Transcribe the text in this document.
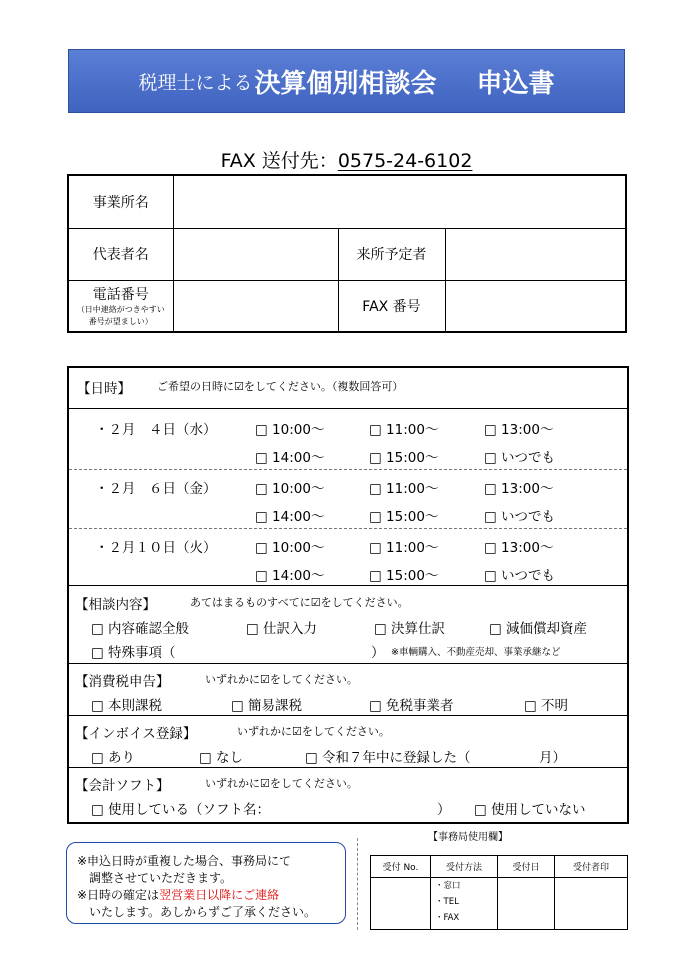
税理士による 決算個別相談会 申込書
FAX 送付先：0575-24-6102
事業所名			
代表者名		来所予定者	
電話番号
（日中連絡がつきやすい
番号が望ましい）		FAX 番号	
【日時】 ご希望の日時に☑をしてください。（複数回答可）
・２月　４日（水）	□ 10:00～	□ 11:00～	□ 13:00～
□ 14:00～	□ 15:00～	□ いつでも
・２月　６日（金）	□ 10:00～	□ 11:00～	□ 13:00～
□ 14:00～	□ 15:00～	□ いつでも
・２月１０日（火）	□ 10:00～	□ 11:00～	□ 13:00～
□ 14:00～	□ 15:00～	□ いつでも
【相談内容】	あてはまるものすべてに☑をしてください。
□ 内容確認全般	□ 仕訳入力	□ 決算仕訳	□ 減価償却資産
□ 特殊事項（	） ※車輌購入、不動産売却、事業承継など
【消費税申告】	いずれかに☑をしてください。
□ 本則課税	□ 簡易課税	□ 免税事業者	□ 不明
【インボイス登録】	いずれかに☑をしてください。
□ あり	□ なし	□ 令和７年中に登録した（	月）
【会計ソフト】	いずれかに☑をしてください。
□ 使用している（ソフト名：	） □ 使用していない
※申込日時が重複した場合、事務局にて
調整させていただきます。
※日時の確定は翌営業日以降にご連絡
いたします。あしからずご了承ください。
【事務局使用欄】
受付 No.	受付方法	受付日	受付者印

	・窓口
・TEL
・FAX		
